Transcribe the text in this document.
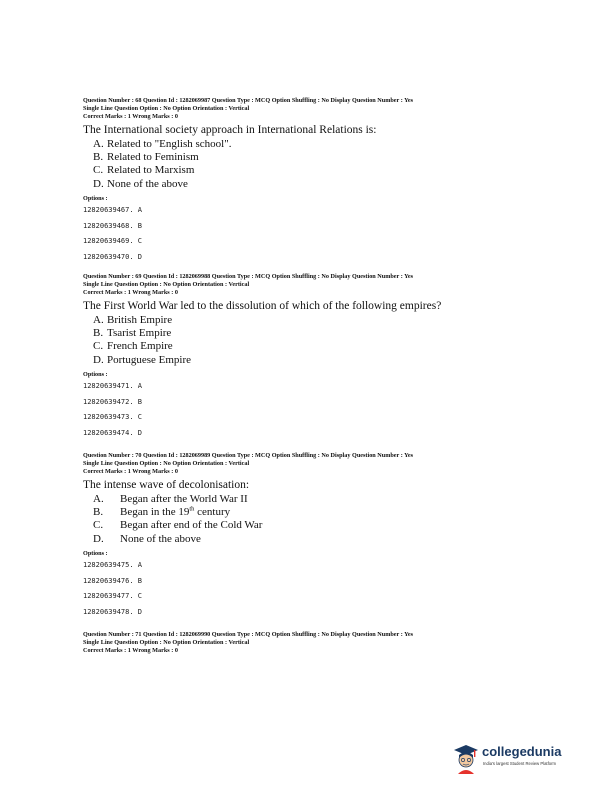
Question Number : 68 Question Id : 1282069987 Question Type : MCQ Option Shuffling : No Display Question Number : Yes
Single Line Question Option : No Option Orientation : Vertical
Correct Marks : 1 Wrong Marks : 0
The International society approach in International Relations is:
A. Related to "English school".
B. Related to Feminism
C. Related to Marxism
D. None of the above
Options :
12820639467. A
12820639468. B
12820639469. C
12820639470. D
Question Number : 69 Question Id : 1282069988 Question Type : MCQ Option Shuffling : No Display Question Number : Yes
Single Line Question Option : No Option Orientation : Vertical
Correct Marks : 1 Wrong Marks : 0
The First World War led to the dissolution of which of the following empires?
A. British Empire
B. Tsarist Empire
C. French Empire
D. Portuguese Empire
Options :
12820639471. A
12820639472. B
12820639473. C
12820639474. D
Question Number : 70 Question Id : 1282069989 Question Type : MCQ Option Shuffling : No Display Question Number : Yes
Single Line Question Option : No Option Orientation : Vertical
Correct Marks : 1 Wrong Marks : 0
The intense wave of decolonisation:
A. Began after the World War II
B. Began in the 19th century
C. Began after end of the Cold War
D. None of the above
Options :
12820639475. A
12820639476. B
12820639477. C
12820639478. D
Question Number : 71 Question Id : 1282069990 Question Type : MCQ Option Shuffling : No Display Question Number : Yes
Single Line Question Option : No Option Orientation : Vertical
Correct Marks : 1 Wrong Marks : 0
collegedunia
India's largest Student Review Platform
